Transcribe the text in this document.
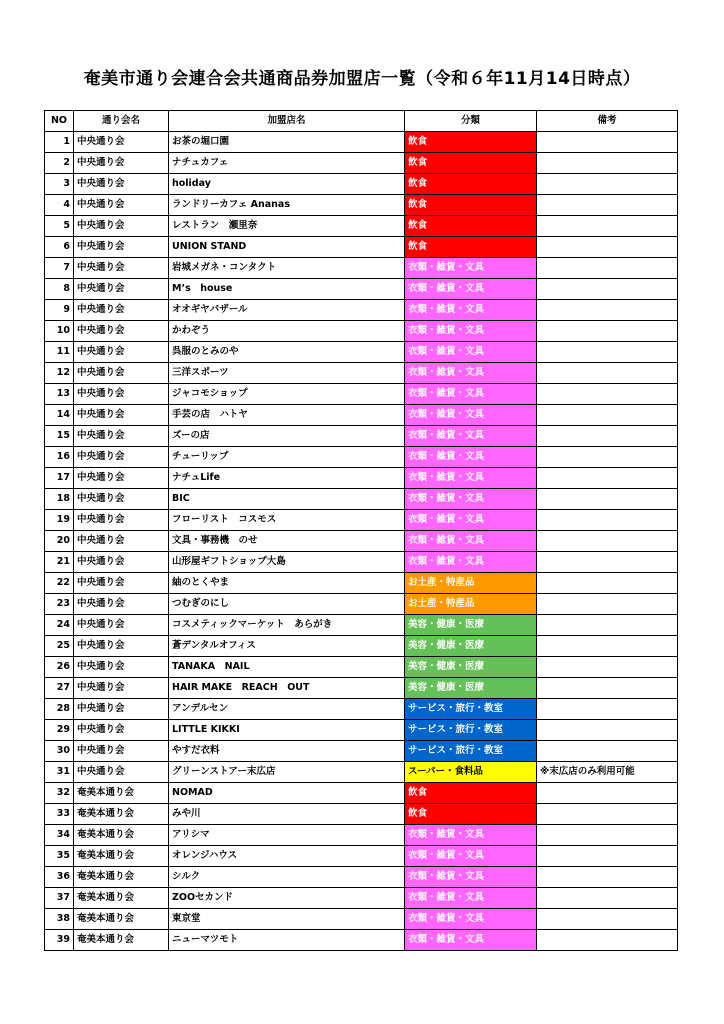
奄美市通り会連合会共通商品券加盟店一覧（令和６年11月14日時点）
NO	通り会名	加盟店名	分類	備考
1	中央通り会	お茶の堀口園	飲食	
2	中央通り会	ナチュカフェ	飲食	
3	中央通り会	holiday	飲食	
4	中央通り会	ランドリーカフェ Ananas	飲食	
5	中央通り会	レストラン　瀬里奈	飲食	
6	中央通り会	UNION STAND	飲食	
7	中央通り会	岩城メガネ・コンタクト	衣類・雑貨・文具	
8	中央通り会	M’s　house	衣類・雑貨・文具	
9	中央通り会	オオギヤバザール	衣類・雑貨・文具	
10	中央通り会	かわぞう	衣類・雑貨・文具	
11	中央通り会	呉服のとみのや	衣類・雑貨・文具	
12	中央通り会	三洋スポーツ	衣類・雑貨・文具	
13	中央通り会	ジャコモショップ	衣類・雑貨・文具	
14	中央通り会	手芸の店　ハトヤ	衣類・雑貨・文具	
15	中央通り会	ズーの店	衣類・雑貨・文具	
16	中央通り会	チューリップ	衣類・雑貨・文具	
17	中央通り会	ナチュLife	衣類・雑貨・文具	
18	中央通り会	BIC	衣類・雑貨・文具	
19	中央通り会	フローリスト　コスモス	衣類・雑貨・文具	
20	中央通り会	文具・事務機　のせ	衣類・雑貨・文具	
21	中央通り会	山形屋ギフトショップ大島	衣類・雑貨・文具	
22	中央通り会	紬のとくやま	お土産・特産品	
23	中央通り会	つむぎのにし	お土産・特産品	
24	中央通り会	コスメティックマーケット　あらがき	美容・健康・医療	
25	中央通り会	蒼デンタルオフィス	美容・健康・医療	
26	中央通り会	TANAKA　NAIL	美容・健康・医療	
27	中央通り会	HAIR MAKE　REACH　OUT	美容・健康・医療	
28	中央通り会	アンデルセン	サービス・旅行・教室	
29	中央通り会	LITTLE KIKKI	サービス・旅行・教室	
30	中央通り会	やすだ衣料	サービス・旅行・教室	
31	中央通り会	グリーンストアー末広店	スーパー・食料品	※末広店のみ利用可能
32	奄美本通り会	NOMAD	飲食	
33	奄美本通り会	みや川	飲食	
34	奄美本通り会	アリシマ	衣類・雑貨・文具	
35	奄美本通り会	オレンジハウス	衣類・雑貨・文具	
36	奄美本通り会	シルク	衣類・雑貨・文具	
37	奄美本通り会	ZOOセカンド	衣類・雑貨・文具	
38	奄美本通り会	東京堂	衣類・雑貨・文具	
39	奄美本通り会	ニューマツモト	衣類・雑貨・文具	
